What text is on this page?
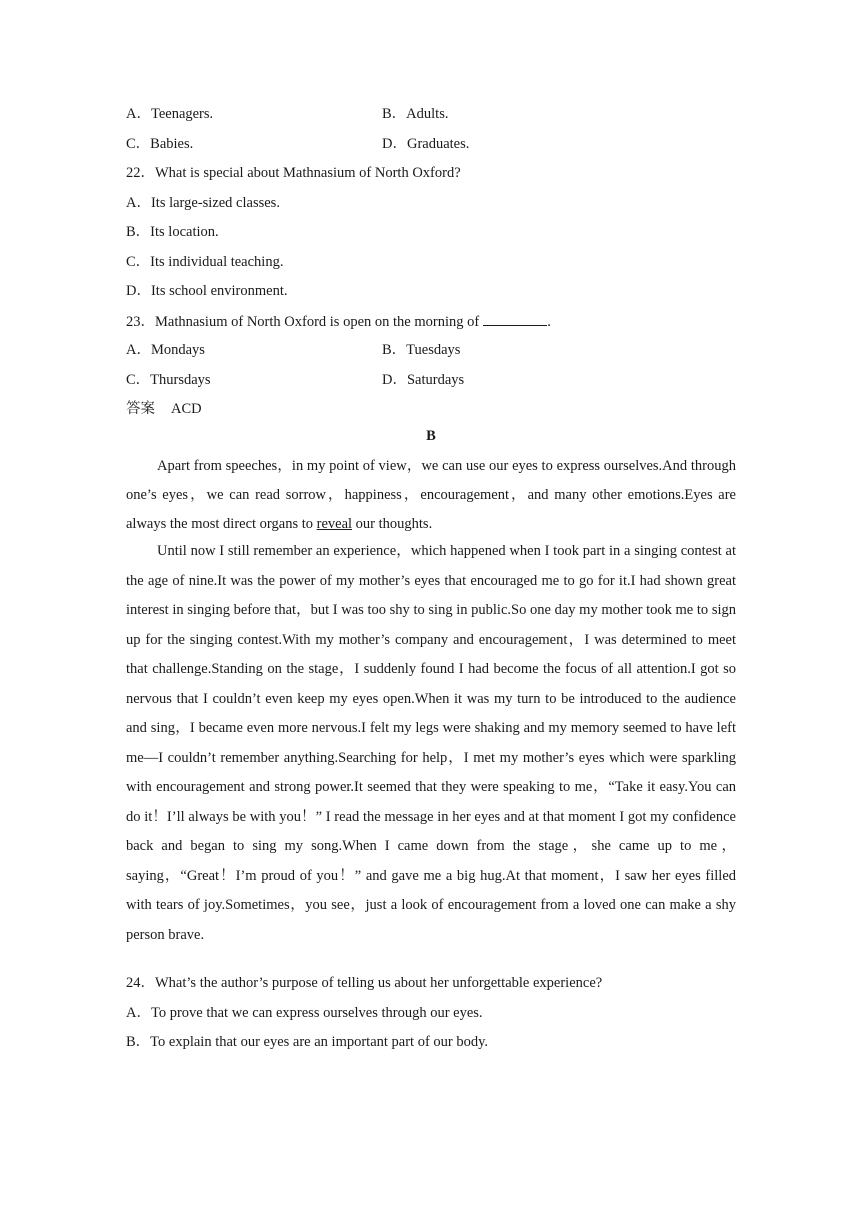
A．Teenagers.	B．Adults.
C．Babies.	D．Graduates.
22．What is special about Mathnasium of North Oxford?
A．Its large-sized classes.
B．Its location.
C．Its individual teaching.
D．Its school environment.
23．Mathnasium of North Oxford is open on the morning of	.
A．Mondays	B．Tuesdays
C．Thursdays	D．Saturdays
答案 ACD
B

Apart from speeches，in my point of view，we can use our eyes to express ourselves.And through one’s eyes，we can read sorrow，happiness，encouragement，and many other emotions.Eyes are always the most direct organs to reveal our thoughts.

Until now I still remember an experience，which happened when I took part in a singing contest at the age of nine.It was the power of my mother’s eyes that encouraged me to go for it.I had shown great interest in singing before that，but I was too shy to sing in public.So one day my mother took me to sign up for the singing contest.With my mother’s company and encouragement，I was determined to meet that challenge.Standing on the stage，I suddenly found I had become the focus of all attention.I got so nervous that I couldn’t even keep my eyes open.When it was my turn to be introduced to the audience and sing，I became even more nervous.I felt my legs were shaking and my memory seemed to have left me—I couldn’t remember anything.Searching for help，I met my mother’s eyes which were sparkling with encouragement and strong power.It seemed that they were speaking to me，“Take it easy.You can do it！I’ll always be with you！” I read the message in her eyes and at that moment I got my confidence back and began to sing my song.When I came down from the stage，she came up to me，saying，“Great！I’m proud of you！” and gave me a big hug.At that moment，I saw her eyes filled with tears of joy.Sometimes，you see，just a look of encouragement from a loved one can make a shy person brave.

24．What’s the author’s purpose of telling us about her unforgettable experience?
A．To prove that we can express ourselves through our eyes.
B．To explain that our eyes are an important part of our body.
